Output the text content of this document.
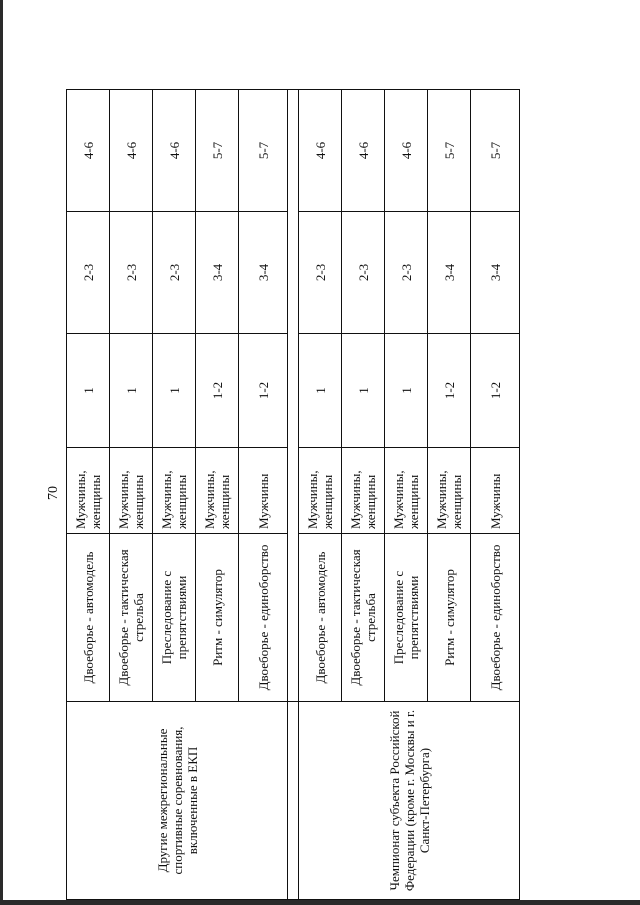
70
Другие межрегиональные спортивные соревнования, включенные в ЕКП	Двоеборье - автомодель	Мужчины, женщины	1	2-3	4-6
	Двоеборье - тактическая стрельба	Мужчины, женщины	1	2-3	4-6
	Преследование с препятствиями	Мужчины, женщины	1	2-3	4-6
	Ритм - симулятор	Мужчины, женщины	1-2	3-4	5-7
	Двоеборье - единоборство	Мужчины	1-2	3-4	5-7

Чемпионат субъекта Российской Федерации (кроме г. Москвы и г. Санкт-Петербурга)	Двоеборье - автомодель	Мужчины, женщины	1	2-3	4-6
	Двоеборье - тактическая стрельба	Мужчины, женщины	1	2-3	4-6
	Преследование с препятствиями	Мужчины, женщины	1	2-3	4-6
	Ритм - симулятор	Мужчины, женщины	1-2	3-4	5-7
	Двоеборье - единоборство	Мужчины	1-2	3-4	5-7
